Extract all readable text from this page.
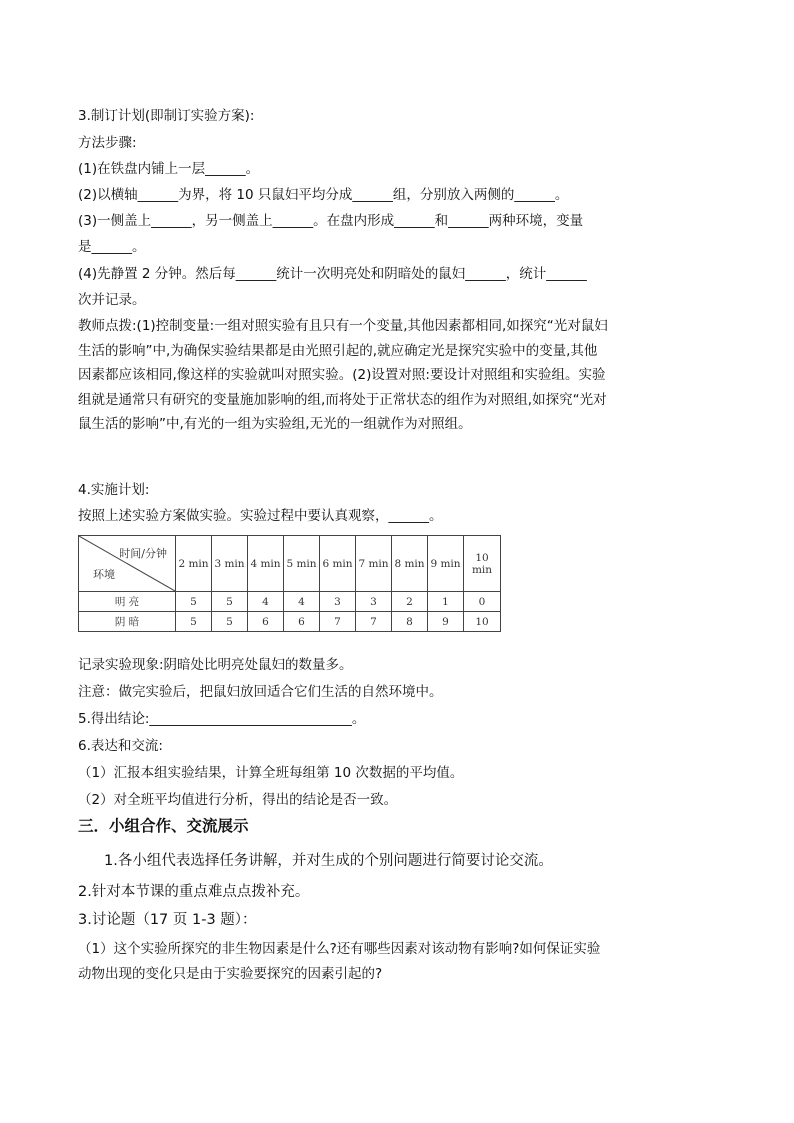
3.制订计划(即制订实验方案):
方法步骤:
(1)在铁盘内铺上一层______。
(2)以横轴______为界，将 10 只鼠妇平均分成______组，分别放入两侧的______。
(3)一侧盖上______，另一侧盖上______。在盘内形成______和______两种环境，变量
是______。
(4)先静置 2 分钟。然后每______统计一次明亮处和阴暗处的鼠妇______，统计______
次并记录。
教师点拨:(1)控制变量:一组对照实验有且只有一个变量,其他因素都相同,如探究“光对鼠妇生活的影响”中,为确保实验结果都是由光照引起的,就应确定光是探究实验中的变量,其他因素都应该相同,像这样的实验就叫对照实验。(2)设置对照:要设计对照组和实验组。实验组就是通常只有研究的变量施加影响的组,而将处于正常状态的组作为对照组,如探究“光对鼠生活的影响”中,有光的一组为实验组,无光的一组就作为对照组。
4.实施计划:
按照上述实验方案做实验。实验过程中要认真观察，______。
时间/分钟
环境	2 min	3 min	4 min	5 min	6 min	7 min	8 min	9 min	10 min
明 亮	5	5	4	4	3	3	2	1	0
阴 暗	5	5	6	6	7	7	8	9	10
记录实验现象:阴暗处比明亮处鼠妇的数量多。
注意：做完实验后，把鼠妇放回适合它们生活的自然环境中。
5.得出结论:______________________________。
6.表达和交流:
（1）汇报本组实验结果，计算全班每组第 10 次数据的平均值。
（2）对全班平均值进行分析，得出的结论是否一致。
三．小组合作、交流展示
1.各小组代表选择任务讲解，并对生成的个别问题进行简要讨论交流。
2.针对本节课的重点难点点拨补充。
3.讨论题（17 页 1-3 题）：
（1）这个实验所探究的非生物因素是什么?还有哪些因素对该动物有影响?如何保证实验动物出现的变化只是由于实验要探究的因素引起的?
